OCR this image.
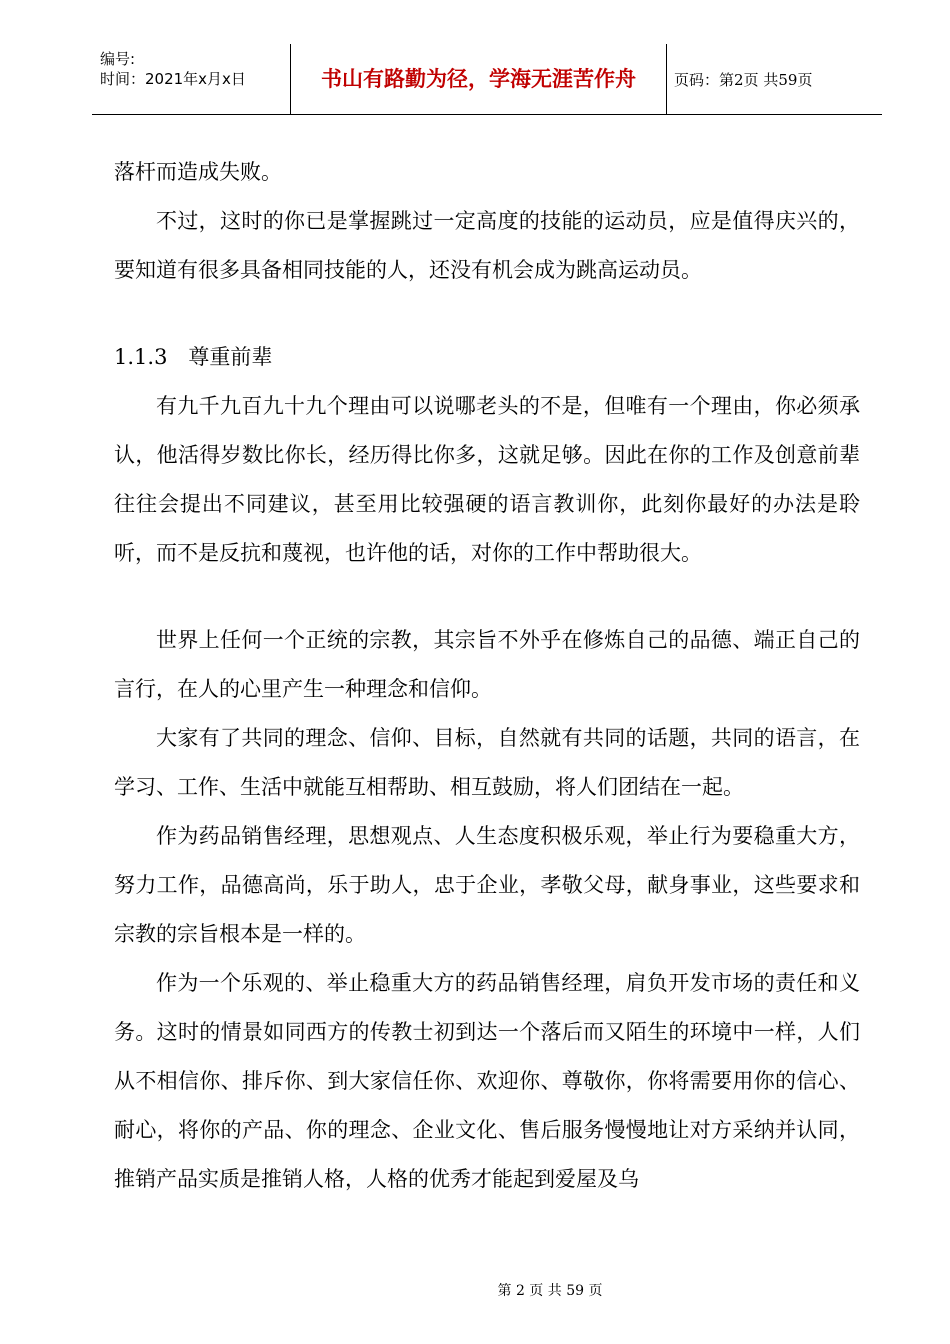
编号:
时间：2021年x月x日	书山有路勤为径，学海无涯苦作舟	页码：第2页 共59页

落杆而造成失败。

不过，这时的你已是掌握跳过一定高度的技能的运动员，应是值得庆兴的，要知道有很多具备相同技能的人，还没有机会成为跳高运动员。

1.1.3　尊重前辈

有九千九百九十九个理由可以说哪老头的不是，但唯有一个理由，你必须承认，他活得岁数比你长，经历得比你多，这就足够。因此在你的工作及创意前辈往往会提出不同建议，甚至用比较强硬的语言教训你，此刻你最好的办法是聆听，而不是反抗和蔑视，也许他的话，对你的工作中帮助很大。

世界上任何一个正统的宗教，其宗旨不外乎在修炼自己的品德、端正自己的言行，在人的心里产生一种理念和信仰。

大家有了共同的理念、信仰、目标，自然就有共同的话题，共同的语言，在学习、工作、生活中就能互相帮助、相互鼓励，将人们团结在一起。

作为药品销售经理，思想观点、人生态度积极乐观，举止行为要稳重大方，努力工作，品德高尚，乐于助人，忠于企业，孝敬父母，献身事业，这些要求和宗教的宗旨根本是一样的。

作为一个乐观的、举止稳重大方的药品销售经理，肩负开发市场的责任和义务。这时的情景如同西方的传教士初到达一个落后而又陌生的环境中一样，人们从不相信你、排斥你、到大家信任你、欢迎你、尊敬你，你将需要用你的信心、耐心，将你的产品、你的理念、企业文化、售后服务慢慢地让对方采纳并认同，推销产品实质是推销人格，人格的优秀才能起到爱屋及乌

第 2 页 共 59 页
